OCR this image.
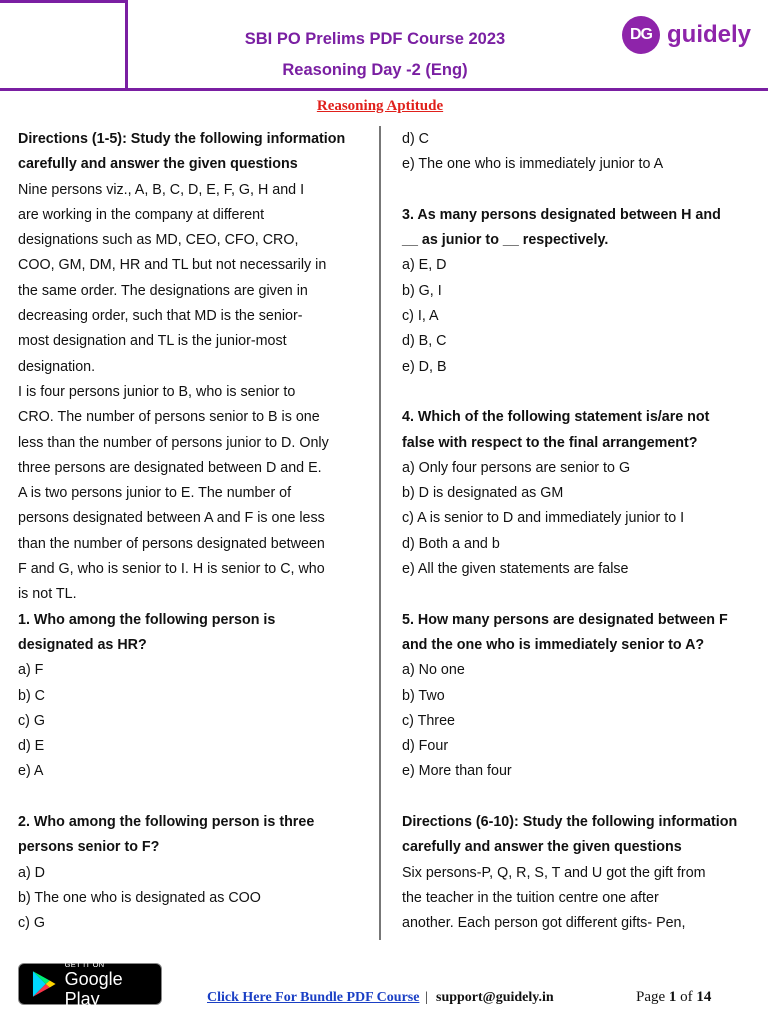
SBI PO Prelims PDF Course 2023
Reasoning Day -2 (Eng)
DG guidely
Reasoning Aptitude

Directions (1-5): Study the following information

carefully and answer the given questions

Nine persons viz., A, B, C, D, E, F, G, H and I

are working in the company at different

designations such as MD, CEO, CFO, CRO,

COO, GM, DM, HR and TL but not necessarily in

the same order. The designations are given in

decreasing order, such that MD is the senior-

most designation and TL is the junior-most

designation.

I is four persons junior to B, who is senior to

CRO. The number of persons senior to B is one

less than the number of persons junior to D. Only

three persons are designated between D and E.

A is two persons junior to E. The number of

persons designated between A and F is one less

than the number of persons designated between

F and G, who is senior to I. H is senior to C, who

is not TL.

1. Who among the following person is

designated as HR?

a) F

b) C

c) G

d) E

e) A

2. Who among the following person is three

persons senior to F?

a) D

b) The one who is designated as COO

c) G

d) C

e) The one who is immediately junior to A

3. As many persons designated between H and

__ as junior to __ respectively.

a) E, D

b) G, I

c) I, A

d) B, C

e) D, B

4. Which of the following statement is/are not

false with respect to the final arrangement?

a) Only four persons are senior to G

b) D is designated as GM

c) A is senior to D and immediately junior to I

d) Both a and b

e) All the given statements are false

5. How many persons are designated between F

and the one who is immediately senior to A?

a) No one

b) Two

c) Three

d) Four

e) More than four

Directions (6-10): Study the following information

carefully and answer the given questions

Six persons-P, Q, R, S, T and U got the gift from

the teacher in the tuition centre one after

another. Each person got different gifts- Pen,

GET IT ON
Google Play	Click Here For Bundle PDF Course | support@guidely.in	Page 1 of 14
